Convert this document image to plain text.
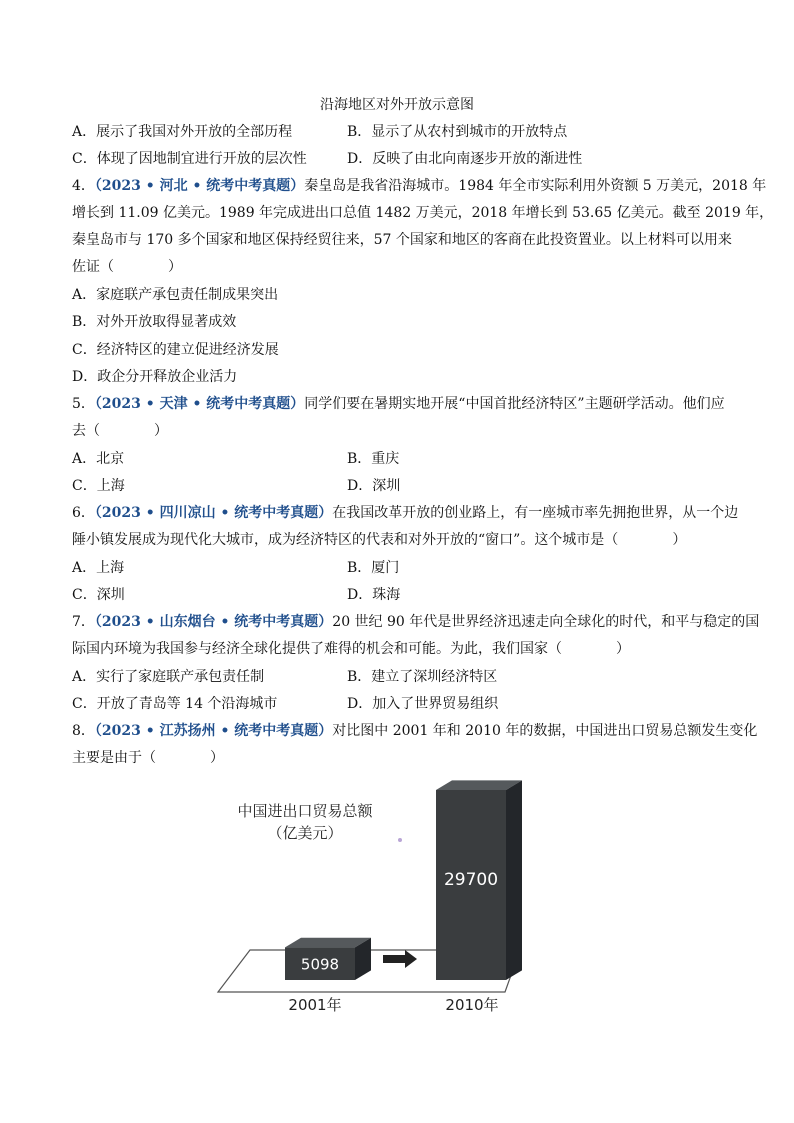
沿海地区对外开放示意图
A．展示了我国对外开放的全部历程	B．显示了从农村到城市的开放特点
C．体现了因地制宜进行开放的层次性	D．反映了由北向南逐步开放的渐进性
4．（2023 • 河北 • 统考中考真题）秦皇岛是我省沿海城市。1984 年全市实际利用外资额 5 万美元，2018 年
增长到 11.09 亿美元。1989 年完成进出口总值 1482 万美元，2018 年增长到 53.65 亿美元。截至 2019 年，
秦皇岛市与 170 多个国家和地区保持经贸往来，57 个国家和地区的客商在此投资置业。以上材料可以用来
佐证（	）
A．家庭联产承包责任制成果突出
B．对外开放取得显著成效
C．经济特区的建立促进经济发展
D．政企分开释放企业活力
5．（2023 • 天津 • 统考中考真题）同学们要在暑期实地开展“中国首批经济特区”主题研学活动。他们应
去（	）
A．北京	B．重庆
C．上海	D．深圳
6．（2023 • 四川凉山 • 统考中考真题）在我国改革开放的创业路上，有一座城市率先拥抱世界，从一个边
陲小镇发展成为现代化大城市，成为经济特区的代表和对外开放的“窗口”。这个城市是（	）
A．上海	B．厦门
C．深圳	D．珠海
7．（2023 • 山东烟台 • 统考中考真题）20 世纪 90 年代是世界经济迅速走向全球化的时代，和平与稳定的国
际国内环境为我国参与经济全球化提供了难得的机会和可能。为此，我们国家（	）
A．实行了家庭联产承包责任制	B．建立了深圳经济特区
C．开放了青岛等 14 个沿海城市	D．加入了世界贸易组织
8．（2023 • 江苏扬州 • 统考中考真题）对比图中 2001 年和 2010 年的数据，中国进出口贸易总额发生变化
主要是由于（	）
中国进出口贸易总额
（亿美元）
5098
29700
2001年	2010年
